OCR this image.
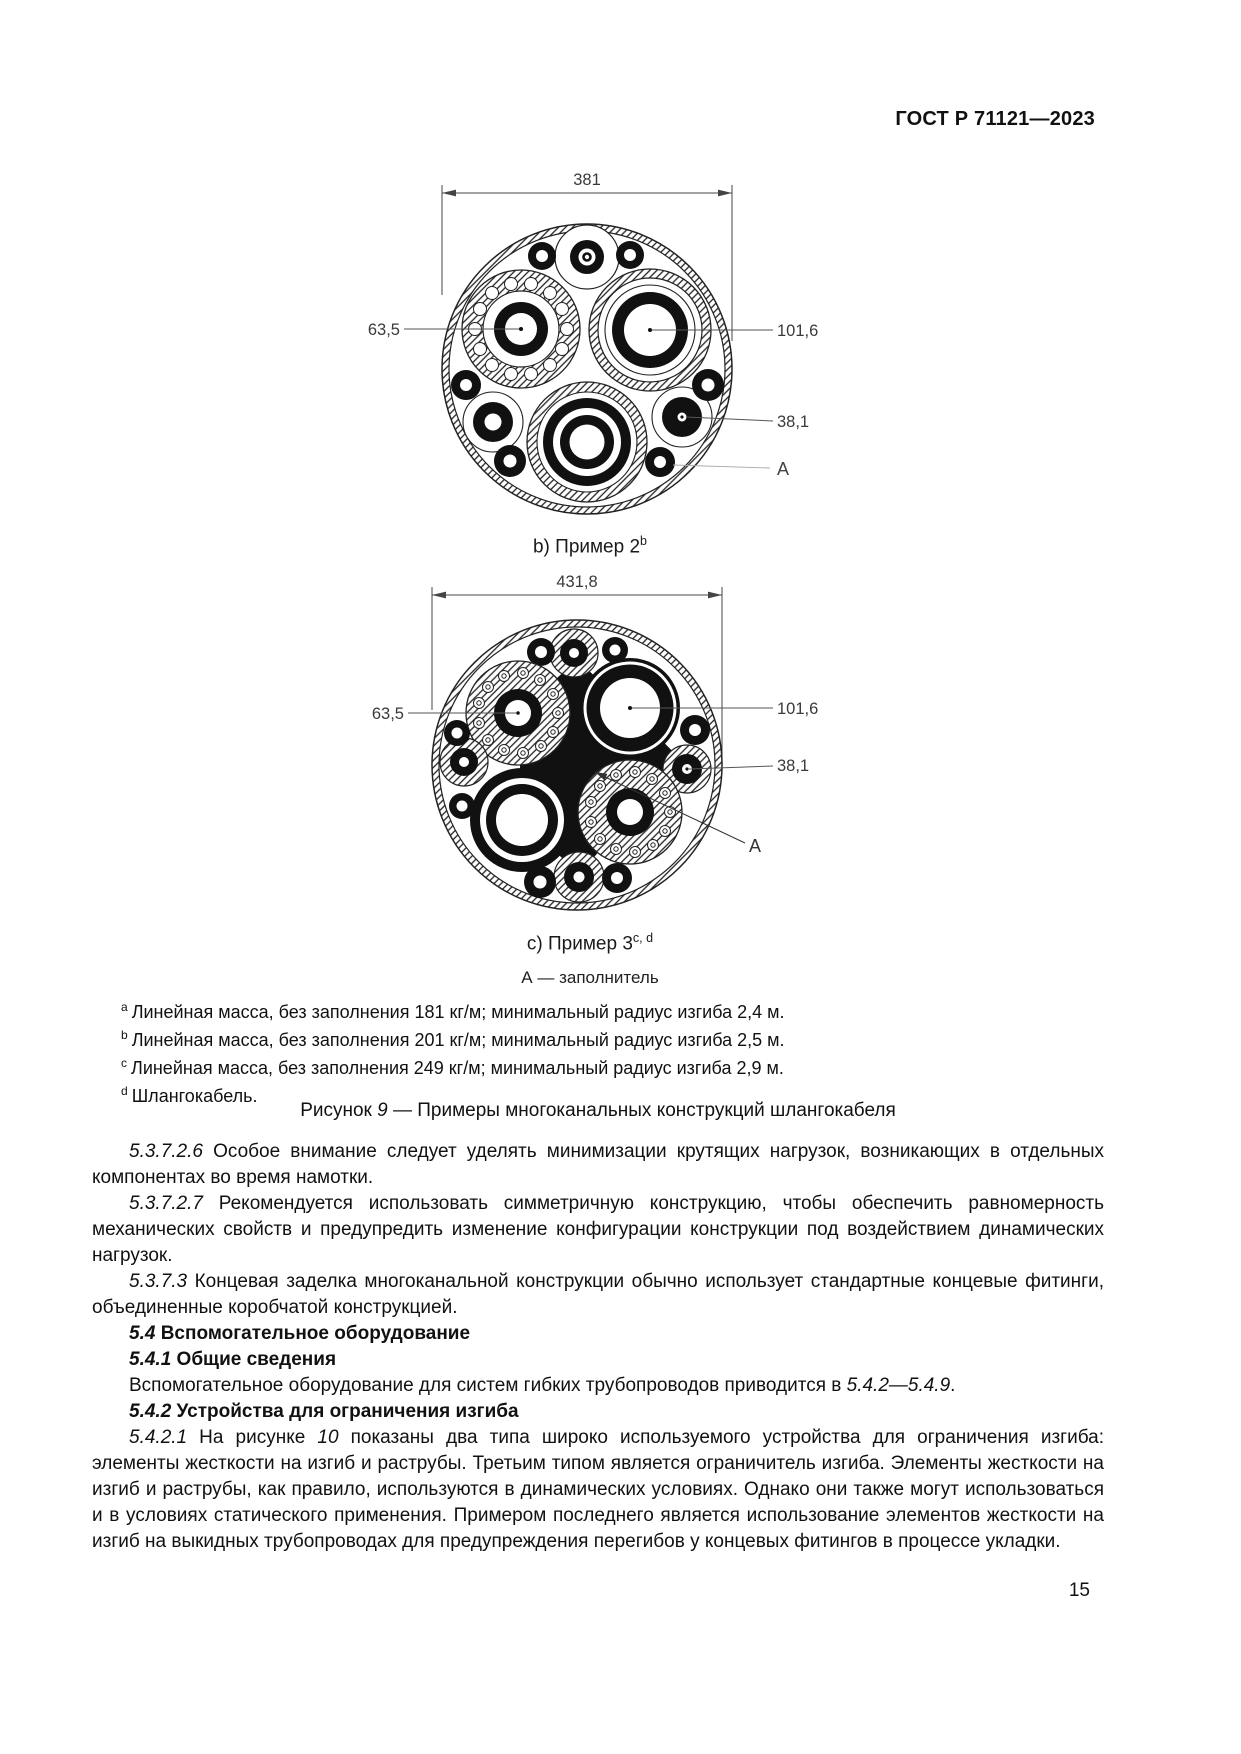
ГОСТ Р 71121—2023
381
63,5	101,6
38,1
A
b) Пример 2$^b$
431,8
63,5	101,6
38,1
A
c) Пример 3$^{c, d}$
А — заполнитель
$^a$ Линейная масса, без заполнения 181 кг/м; минимальный радиус изгиба 2,4 м.
$^b$ Линейная масса, без заполнения 201 кг/м; минимальный радиус изгиба 2,5 м.
$^c$ Линейная масса, без заполнения 249 кг/м; минимальный радиус изгиба 2,9 м.
$^d$ Шлангокабель.
Рисунок 9 — Примеры многоканальных конструкций шлангокабеля

5.3.7.2.6 Особое внимание следует уделять минимизации крутящих нагрузок, возникающих в отдельных компонентах во время намотки.

5.3.7.2.7 Рекомендуется использовать симметричную конструкцию, чтобы обеспечить равномерность механических свойств и предупредить изменение конфигурации конструкции под воздействием динамических нагрузок.

5.3.7.3 Концевая заделка многоканальной конструкции обычно использует стандартные концевые фитинги, объединенные коробчатой конструкцией.

5.4 Вспомогательное оборудование

5.4.1 Общие сведения

Вспомогательное оборудование для систем гибких трубопроводов приводится в 5.4.2—5.4.9.

5.4.2 Устройства для ограничения изгиба

5.4.2.1 На рисунке 10 показаны два типа широко используемого устройства для ограничения изгиба: элементы жесткости на изгиб и раструбы. Третьим типом является ограничитель изгиба. Элементы жесткости на изгиб и раструбы, как правило, используются в динамических условиях. Однако они также могут использоваться и в условиях статического применения. Примером последнего является использование элементов жесткости на изгиб на выкидных трубопроводах для предупреждения перегибов у концевых фитингов в процессе укладки.

15
